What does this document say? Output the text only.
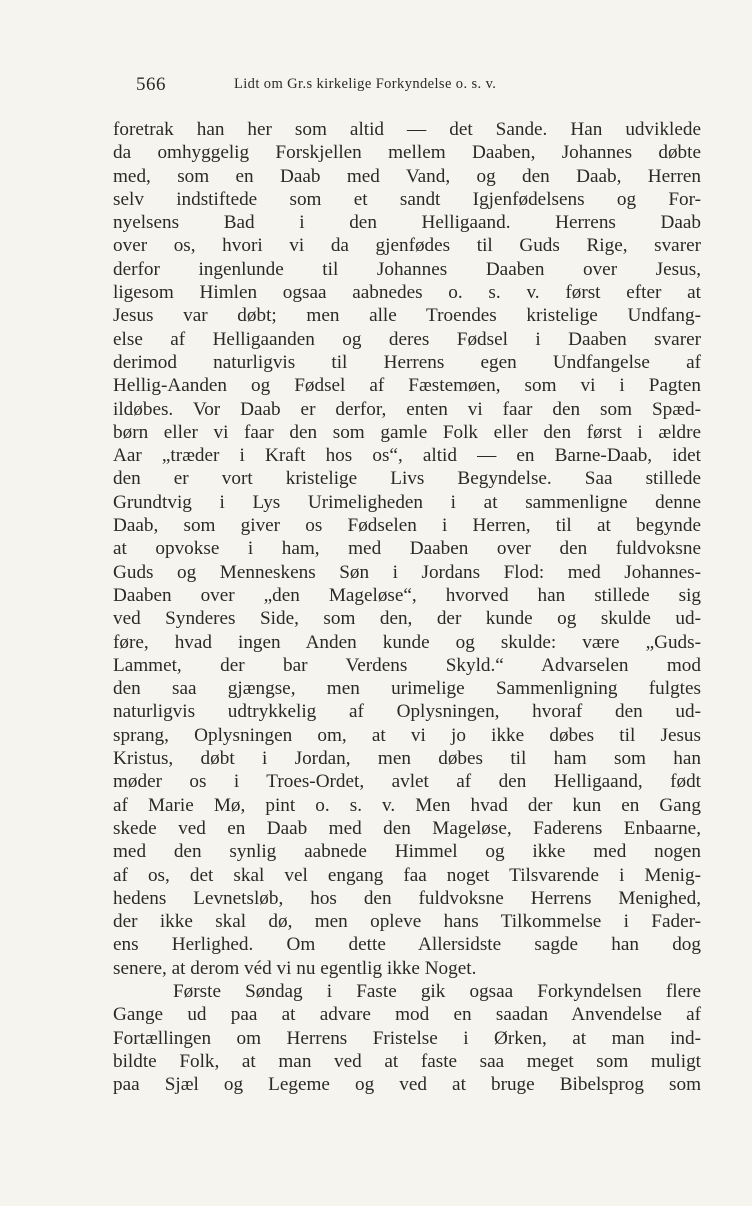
566	Lidt om Gr.s kirkelige Forkyndelse o. s. v.
foretrak han her som altid — det Sande. Han udviklede
da omhyggelig Forskjellen mellem Daaben, Johannes døbte
med, som en Daab med Vand, og den Daab, Herren
selv indstiftede som et sandt Igjenfødelsens og For-
nyelsens Bad i den Helligaand. Herrens Daab
over os, hvori vi da gjenfødes til Guds Rige, svarer
derfor ingenlunde til Johannes Daaben over Jesus,
ligesom Himlen ogsaa aabnedes o. s. v. først efter at
Jesus var døbt; men alle Troendes kristelige Undfang-
else af Helligaanden og deres Fødsel i Daaben svarer
derimod naturligvis til Herrens egen Undfangelse af
Hellig-Aanden og Fødsel af Fæstemøen, som vi i Pagten
ildøbes. Vor Daab er derfor, enten vi faar den som Spæd-
børn eller vi faar den som gamle Folk eller den først i ældre
Aar „træder i Kraft hos os“, altid — en Barne-Daab, idet
den er vort kristelige Livs Begyndelse. Saa stillede
Grundtvig i Lys Urimeligheden i at sammenligne denne
Daab, som giver os Fødselen i Herren, til at begynde
at opvokse i ham, med Daaben over den fuldvoksne
Guds og Menneskens Søn i Jordans Flod: med Johannes-
Daaben over „den Mageløse“, hvorved han stillede sig
ved Synderes Side, som den, der kunde og skulde ud-
føre, hvad ingen Anden kunde og skulde: være „Guds-
Lammet, der bar Verdens Skyld.“ Advarselen mod
den saa gjængse, men urimelige Sammenligning fulgtes
naturligvis udtrykkelig af Oplysningen, hvoraf den ud-
sprang, Oplysningen om, at vi jo ikke døbes til Jesus
Kristus, døbt i Jordan, men døbes til ham som han
møder os i Troes-Ordet, avlet af den Helligaand, født
af Marie Mø, pint o. s. v. Men hvad der kun en Gang
skede ved en Daab med den Mageløse, Faderens Enbaarne,
med den synlig aabnede Himmel og ikke med nogen
af os, det skal vel engang faa noget Tilsvarende i Menig-
hedens Levnetsløb, hos den fuldvoksne Herrens Menighed,
der ikke skal dø, men opleve hans Tilkommelse i Fader-
ens Herlighed. Om dette Allersidste sagde han dog
senere, at derom véd vi nu egentlig ikke Noget.
Første Søndag i Faste gik ogsaa Forkyndelsen flere
Gange ud paa at advare mod en saadan Anvendelse af
Fortællingen om Herrens Fristelse i Ørken, at man ind-
bildte Folk, at man ved at faste saa meget som muligt
paa Sjæl og Legeme og ved at bruge Bibelsprog som
